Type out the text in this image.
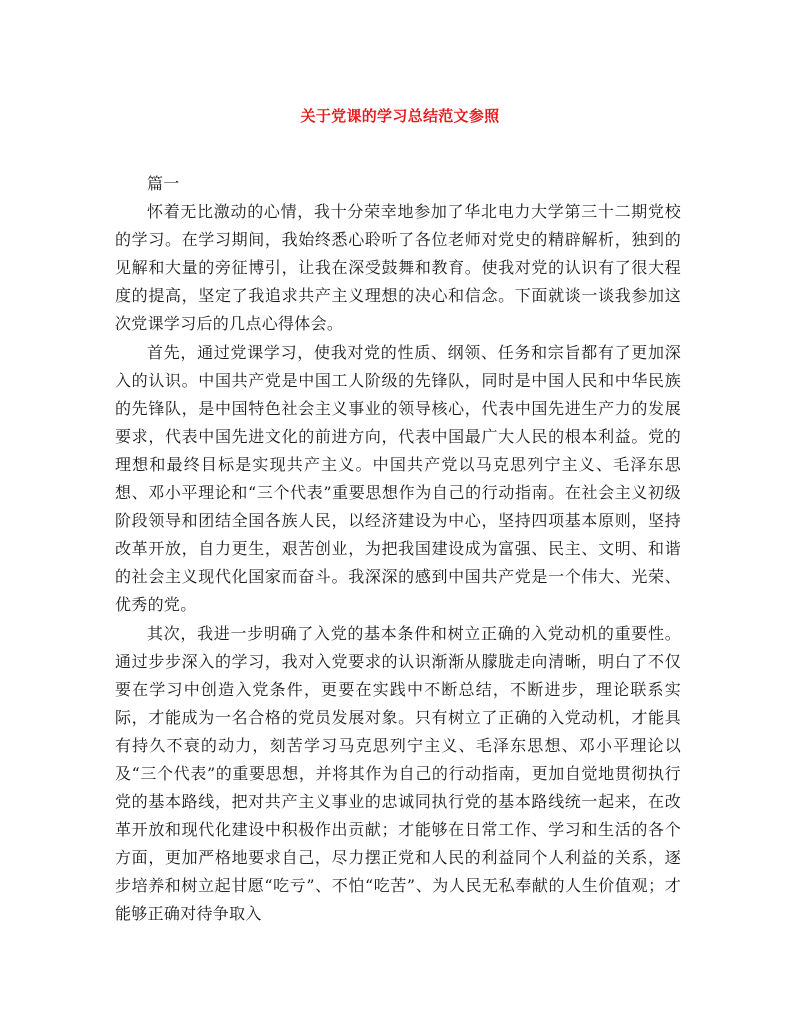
关于党课的学习总结范文参照

篇一

怀着无比激动的心情，我十分荣幸地参加了华北电力大学第三十二期党校的学习。在学习期间，我始终悉心聆听了各位老师对党史的精辟解析，独到的见解和大量的旁征博引，让我在深受鼓舞和教育。使我对党的认识有了很大程度的提高，坚定了我追求共产主义理想的决心和信念。下面就谈一谈我参加这次党课学习后的几点心得体会。

首先，通过党课学习，使我对党的性质、纲领、任务和宗旨都有了更加深入的认识。中国共产党是中国工人阶级的先锋队，同时是中国人民和中华民族的先锋队，是中国特色社会主义事业的领导核心，代表中国先进生产力的发展要求，代表中国先进文化的前进方向，代表中国最广大人民的根本利益。党的理想和最终目标是实现共产主义。中国共产党以马克思列宁主义、毛泽东思想、邓小平理论和“三个代表”重要思想作为自己的行动指南。在社会主义初级阶段领导和团结全国各族人民，以经济建设为中心，坚持四项基本原则，坚持改革开放，自力更生，艰苦创业，为把我国建设成为富强、民主、文明、和谐的社会主义现代化国家而奋斗。我深深的感到中国共产党是一个伟大、光荣、优秀的党。

其次，我进一步明确了入党的基本条件和树立正确的入党动机的重要性。通过步步深入的学习，我对入党要求的认识渐渐从朦胧走向清晰，明白了不仅要在学习中创造入党条件，更要在实践中不断总结，不断进步，理论联系实际，才能成为一名合格的党员发展对象。只有树立了正确的入党动机，才能具有持久不衰的动力，刻苦学习马克思列宁主义、毛泽东思想、邓小平理论以及“三个代表”的重要思想，并将其作为自己的行动指南，更加自觉地贯彻执行党的基本路线，把对共产主义事业的忠诚同执行党的基本路线统一起来，在改革开放和现代化建设中积极作出贡献；才能够在日常工作、学习和生活的各个方面，更加严格地要求自己，尽力摆正党和人民的利益同个人利益的关系，逐步培养和树立起甘愿“吃亏”、不怕“吃苦”、为人民无私奉献的人生价值观；才能够正确对待争取入
